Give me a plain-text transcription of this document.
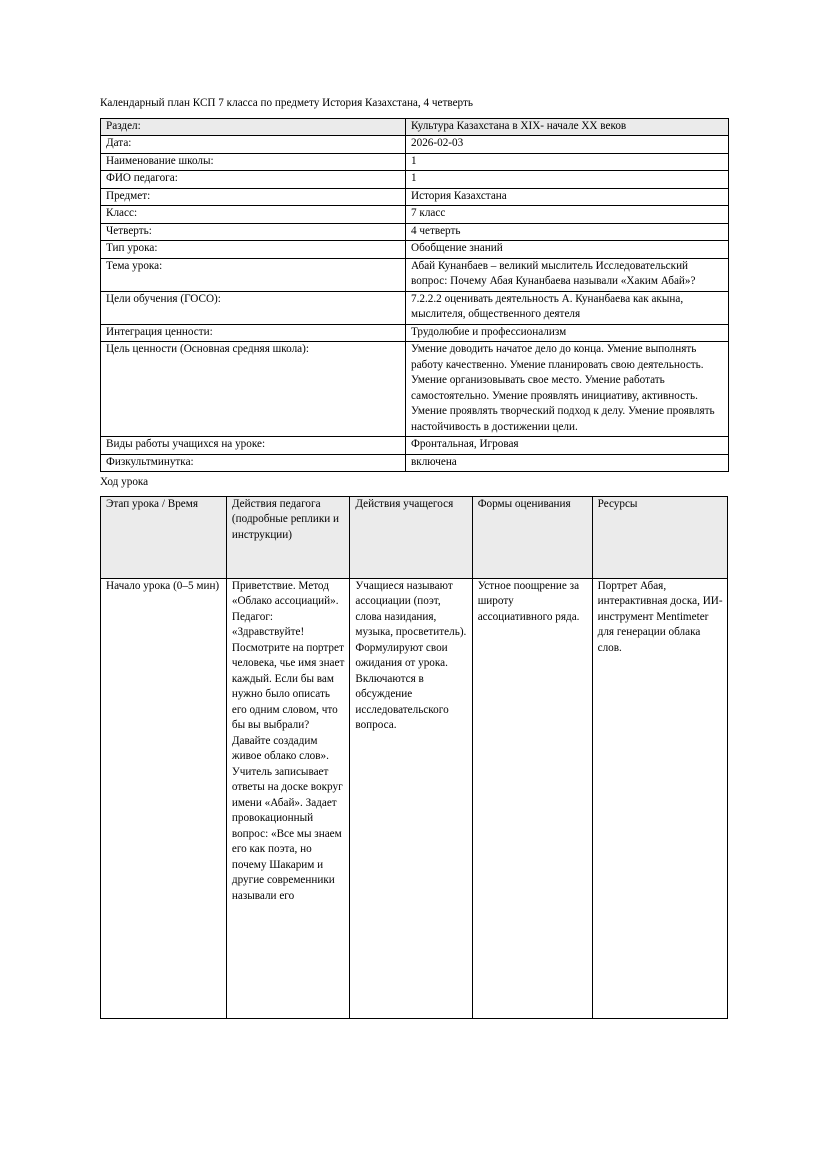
Календарный план КСП 7 класса по предмету История Казахстана, 4 четверть

Раздел:	Культура Казахстана в XIX- начале XX веков
Дата:	2026-02-03
Наименование школы:	1
ФИО педагога:	1
Предмет:	История Казахстана
Класс:	7 класс
Четверть:	4 четверть
Тип урока:	Обобщение знаний
Тема урока:	Абай Кунанбаев – великий мыслитель Исследовательский вопрос: Почему Абая Кунанбаева называли «Хаким Абай»?
Цели обучения (ГОСО):	7.2.2.2 оценивать деятельность А. Кунанбаева как акына, мыслителя, общественного деятеля
Интеграция ценности:	Трудолюбие и профессионализм
Цель ценности (Основная средняя школа):	Умение доводить начатое дело до конца. Умение выполнять работу качественно. Умение планировать свою деятельность. Умение организовывать свое место. Умение работать самостоятельно. Умение проявлять инициативу, активность. Умение проявлять творческий подход к делу. Умение проявлять настойчивость в достижении цели.
Виды работы учащихся на уроке:	Фронтальная, Игровая
Физкультминутка:	включена

Ход урока

Этап урока / Время	Действия педагога (подробные реплики и инструкции)	Действия учащегося	Формы оценивания	Ресурсы
Начало урока (0–5 мин)	Приветствие. Метод «Облако ассоциаций». Педагог: «Здравствуйте! Посмотрите на портрет человека, чье имя знает каждый. Если бы вам нужно было описать его одним словом, что бы вы выбрали? Давайте создадим живое облако слов». Учитель записывает ответы на доске вокруг имени «Абай». Задает провокационный вопрос: «Все мы знаем его как поэта, но почему Шакарим и другие современники называли его	Учащиеся называют ассоциации (поэт, слова назидания, музыка, просветитель). Формулируют свои ожидания от урока. Включаются в обсуждение исследовательского вопроса.	Устное поощрение за широту ассоциативного ряда.	Портрет Абая, интерактивная доска, ИИ-инструмент Mentimeter для генерации облака слов.
